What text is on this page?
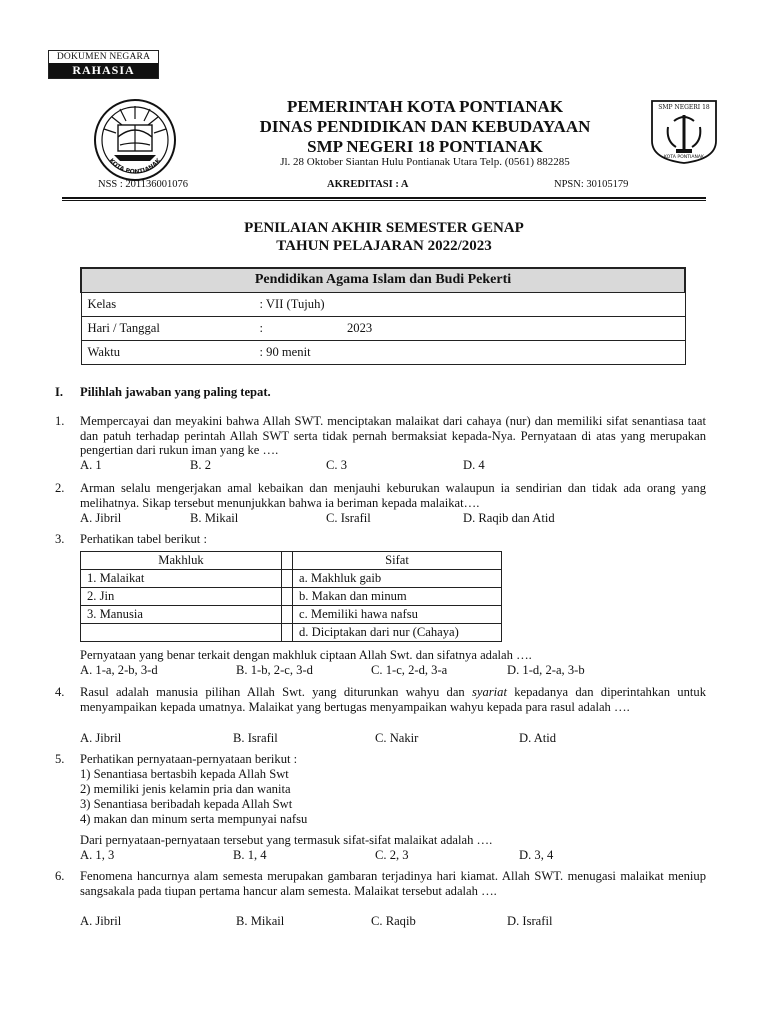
DOKUMEN NEGARA
RAHASIA
KOTA PONTIANAK
SMP NEGERI 18
KOTA PONTIANAK
PEMERINTAH KOTA PONTIANAK
DINAS PENDIDIKAN DAN KEBUDAYAAN
SMP NEGERI 18 PONTIANAK
Jl. 28 Oktober Siantan Hulu Pontianak Utara Telp. (0561) 882285
NSS : 201136001076	AKREDITASI : A	NPSN: 30105179
PENILAIAN AKHIR SEMESTER GENAP
TAHUN PELAJARAN 2022/2023
Pendidikan Agama Islam dan Budi Pekerti	
Kelas	: VII (Tujuh)
Hari / Tanggal	: 2023
Waktu	: 90 menit
I. Pilihlah jawaban yang paling tepat.
1. Mempercayai dan meyakini bahwa Allah SWT. menciptakan malaikat dari cahaya (nur) dan memiliki sifat senantiasa taat dan patuh terhadap perintah Allah SWT serta tidak pernah bermaksiat kepada-Nya. Pernyataan di atas yang merupakan pengertian dari rukun iman yang ke ….
A. 1	B. 2	C. 3	D. 4
2. Arman selalu mengerjakan amal kebaikan dan menjauhi keburukan walaupun ia sendirian dan tidak ada orang yang melihatnya. Sikap tersebut menunjukkan bahwa ia beriman kepada malaikat….
A. Jibril	B. Mikail	C. Israfil	D. Raqib dan Atid
3. Perhatikan tabel berikut :
Makhluk		Sifat
1. Malaikat		a. Makhluk gaib
2. Jin		b. Makan dan minum
3. Manusia		c. Memiliki hawa nafsu
		d. Diciptakan dari nur (Cahaya)
Pernyataan yang benar terkait dengan makhluk ciptaan Allah Swt. dan sifatnya adalah ….
A. 1-a, 2-b, 3-d	B. 1-b, 2-c, 3-d	C. 1-c, 2-d, 3-a	D. 1-d, 2-a, 3-b
4. Rasul adalah manusia pilihan Allah Swt. yang diturunkan wahyu dan syariat kepadanya dan diperintahkan untuk menyampaikan kepada umatnya. Malaikat yang bertugas menyampaikan wahyu kepada para rasul adalah ….
A. Jibril	B. Israfil	C. Nakir	D. Atid
5. Perhatikan pernyataan-pernyataan berikut :
1) Senantiasa bertasbih kepada Allah Swt
2) memiliki jenis kelamin pria dan wanita
3) Senantiasa beribadah kepada Allah Swt
4) makan dan minum serta mempunyai nafsu
Dari pernyataan-pernyataan tersebut yang termasuk sifat-sifat malaikat adalah ….
A. 1, 3	B. 1, 4	C. 2, 3	D. 3, 4
6. Fenomena hancurnya alam semesta merupakan gambaran terjadinya hari kiamat. Allah SWT. menugasi malaikat meniup sangsakala pada tiupan pertama hancur alam semesta. Malaikat tersebut adalah ….
A. Jibril	B. Mikail	C. Raqib	D. Israfil
